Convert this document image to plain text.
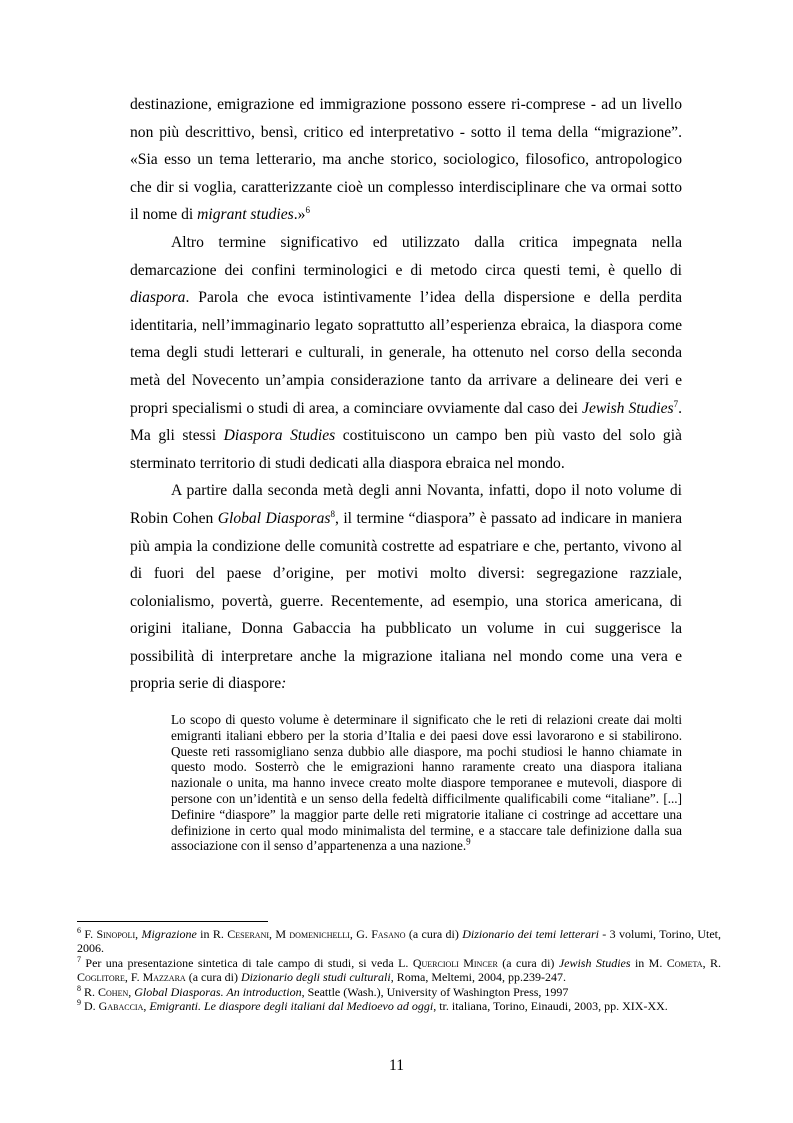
destinazione, emigrazione ed immigrazione possono essere ri-comprese - ad un livello non più descrittivo, bensì, critico ed interpretativo - sotto il tema della “migrazione”. «Sia esso un tema letterario, ma anche storico, sociologico, filosofico, antropologico che dir si voglia, caratterizzante cioè un complesso interdisciplinare che va ormai sotto il nome di migrant studies.»$^6$

Altro termine significativo ed utilizzato dalla critica impegnata nella demarcazione dei confini terminologici e di metodo circa questi temi, è quello di diaspora. Parola che evoca istintivamente l’idea della dispersione e della perdita identitaria, nell’immaginario legato soprattutto all’esperienza ebraica, la diaspora come tema degli studi letterari e culturali, in generale, ha ottenuto nel corso della seconda metà del Novecento un’ampia considerazione tanto da arrivare a delineare dei veri e propri specialismi o studi di area, a cominciare ovviamente dal caso dei Jewish Studies$^7$. Ma gli stessi Diaspora Studies costituiscono un campo ben più vasto del solo già sterminato territorio di studi dedicati alla diaspora ebraica nel mondo.

A partire dalla seconda metà degli anni Novanta, infatti, dopo il noto volume di Robin Cohen Global Diasporas$^8$, il termine “diaspora” è passato ad indicare in maniera più ampia la condizione delle comunità costrette ad espatriare e che, pertanto, vivono al di fuori del paese d’origine, per motivi molto diversi: segregazione razziale, colonialismo, povertà, guerre. Recentemente, ad esempio, una storica americana, di origini italiane, Donna Gabaccia ha pubblicato un volume in cui suggerisce la possibilità di interpretare anche la migrazione italiana nel mondo come una vera e propria serie di diaspore:

Lo scopo di questo volume è determinare il significato che le reti di relazioni create dai molti emigranti italiani ebbero per la storia d’Italia e dei paesi dove essi lavorarono e si stabilirono. Queste reti rassomigliano senza dubbio alle diaspore, ma pochi studiosi le hanno chiamate in questo modo. Sosterrò che le emigrazioni hanno raramente creato una diaspora italiana nazionale o unita, ma hanno invece creato molte diaspore temporanee e mutevoli, diaspore di persone con un’identità e un senso della fedeltà difficilmente qualificabili come “italiane”. [...] Definire “diaspore” la maggior parte delle reti migratorie italiane ci costringe ad accettare una definizione in certo qual modo minimalista del termine, e a staccare tale definizione dalla sua associazione con il senso d’appartenenza a una nazione.$^9$

$^6$ F. Sinopoli, Migrazione in R. Ceserani, M domenichelli, G. Fasano (a cura di) Dizionario dei temi letterari - 3 volumi, Torino, Utet, 2006.

$^7$ Per una presentazione sintetica di tale campo di studi, si veda L. Quercioli Mincer (a cura di) Jewish Studies in M. Cometa, R. Coglitore, F. Mazzara (a cura di) Dizionario degli studi culturali, Roma, Meltemi, 2004, pp.239-247.

$^8$ R. Cohen, Global Diasporas. An introduction, Seattle (Wash.), University of Washington Press, 1997

$^9$ D. Gabaccia, Emigranti. Le diaspore degli italiani dal Medioevo ad oggi, tr. italiana, Torino, Einaudi, 2003, pp. XIX-XX.

11
